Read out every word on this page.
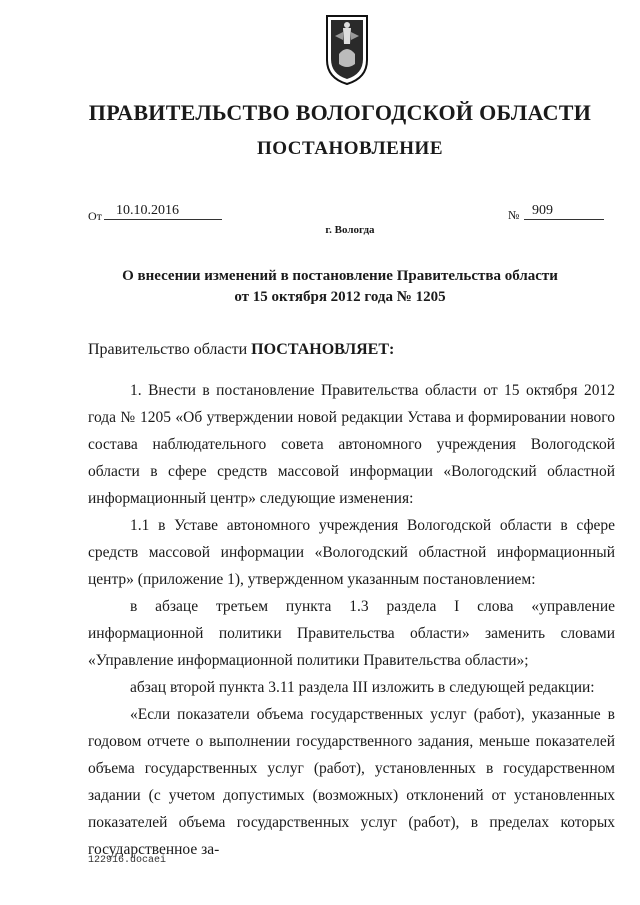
ПРАВИТЕЛЬСТВО ВОЛОГОДСКОЙ ОБЛАСТИ
ПОСТАНОВЛЕНИЕ
От	10.10.2016	№ 909
г. Вологда
О внесении изменений в постановление Правительства области
от 15 октября 2012 года № 1205
Правительство области ПОСТАНОВЛЯЕТ:

1. Внести в постановление Правительства области от 15 октября 2012 года № 1205 «Об утверждении новой редакции Устава и формировании нового состава наблюдательного совета автономного учреждения Вологодской области в сфере средств массовой информации «Вологодский областной информационный центр» следующие изменения:

1.1 в Уставе автономного учреждения Вологодской области в сфере средств массовой информации «Вологодский областной информационный центр» (приложение 1), утвержденном указанным постановлением:

в абзаце третьем пункта 1.3 раздела I слова «управление информационной политики Правительства области» заменить словами «Управление информационной политики Правительства области»;

абзац второй пункта 3.11 раздела III изложить в следующей редакции:

«Если показатели объема государственных услуг (работ), указанные в годовом отчете о выполнении государственного задания, меньше показателей объема государственных услуг (работ), установленных в государственном задании (с учетом допустимых (возможных) отклонений от установленных показателей объема государственных услуг (работ), в пределах которых государственное за-

122916.docaei
